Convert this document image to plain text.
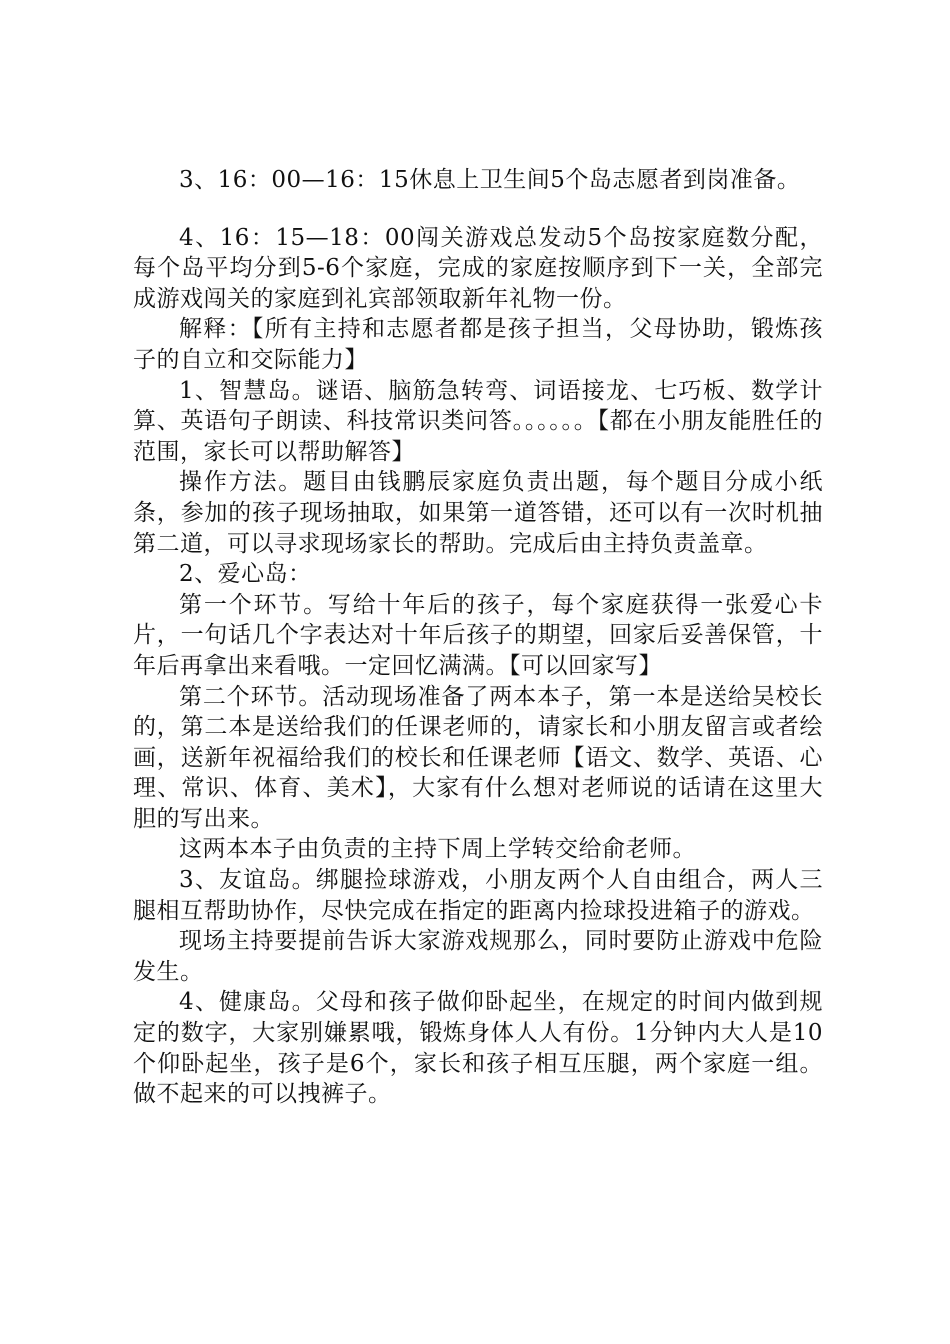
3、16：00—16：15休息上卫生间5个岛志愿者到岗准备。

4、16：15—18：00闯关游戏总发动5个岛按家庭数分配，每个岛平均分到5-6个家庭，完成的家庭按顺序到下一关，全部完成游戏闯关的家庭到礼宾部领取新年礼物一份。

解释：【所有主持和志愿者都是孩子担当，父母协助，锻炼孩子的自立和交际能力】

1、智慧岛。谜语、脑筋急转弯、词语接龙、七巧板、数学计算、英语句子朗读、科技常识类问答。。。。。。【都在小朋友能胜任的范围，家长可以帮助解答】

操作方法。题目由钱鹏辰家庭负责出题，每个题目分成小纸条，参加的孩子现场抽取，如果第一道答错，还可以有一次时机抽第二道，可以寻求现场家长的帮助。完成后由主持负责盖章。

2、爱心岛：

第一个环节。写给十年后的孩子，每个家庭获得一张爱心卡片，一句话几个字表达对十年后孩子的期望，回家后妥善保管，十年后再拿出来看哦。一定回忆满满。【可以回家写】

第二个环节。活动现场准备了两本本子，第一本是送给吴校长的，第二本是送给我们的任课老师的，请家长和小朋友留言或者绘画，送新年祝福给我们的校长和任课老师【语文、数学、英语、心理、常识、体育、美术】，大家有什么想对老师说的话请在这里大胆的写出来。

这两本本子由负责的主持下周上学转交给俞老师。

3、友谊岛。绑腿捡球游戏，小朋友两个人自由组合，两人三腿相互帮助协作，尽快完成在指定的距离内捡球投进箱子的游戏。

现场主持要提前告诉大家游戏规那么，同时要防止游戏中危险发生。

4、健康岛。父母和孩子做仰卧起坐，在规定的时间内做到规定的数字，大家别嫌累哦，锻炼身体人人有份。1分钟内大人是10个仰卧起坐，孩子是6个，家长和孩子相互压腿，两个家庭一组。做不起来的可以拽裤子。
